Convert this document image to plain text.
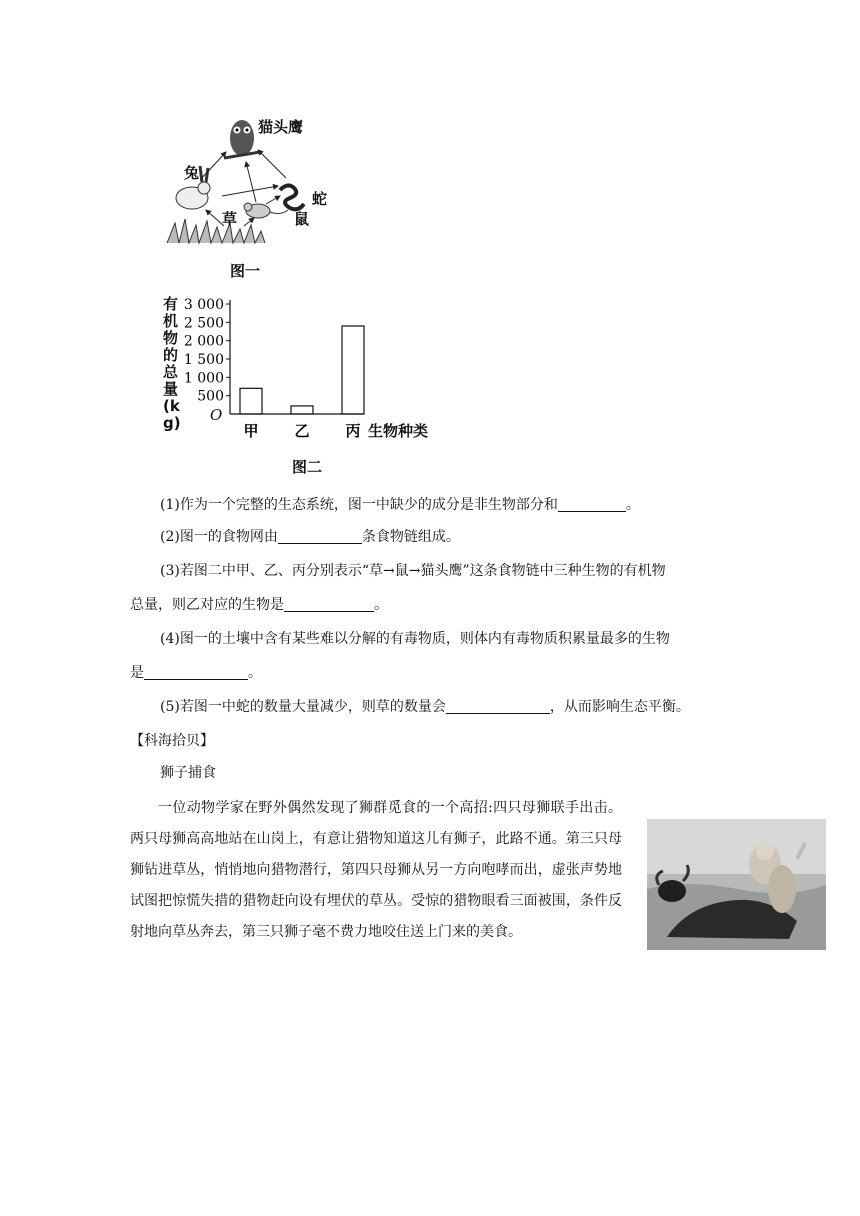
猫头鹰
兔
蛇
鼠
草
图一
有机物的总量(kg)
3 000
2 500
2 000
1 500
1 000
500
甲 乙 丙
O
生物种类
图二
(1)作为一个完整的生态系统，图一中缺少的成分是非生物部分和	。
(2)图一的食物网由	条食物链组成。
(3)若图二中甲、乙、丙分别表示“草→鼠→猫头鹰”这条食物链中三种生物的有机物
总量，则乙对应的生物是	。
(4)图一的土壤中含有某些难以分解的有毒物质，则体内有毒物质积累量最多的生物
是	。
(5)若图一中蛇的数量大量减少，则草的数量会	，从而影响生态平衡。
【科海拾贝】
狮子捕食
一位动物学家在野外偶然发现了狮群觅食的一个高招:四只母狮联手出击。两只母狮高高地站在山岗上，有意让猎物知道这儿有狮子，此路不通。第三只母狮钻进草丛，悄悄地向猎物潜行，第四只母狮从另一方向咆哮而出，虚张声势地试图把惊慌失措的猎物赶向设有埋伏的草丛。受惊的猎物眼看三面被围，条件反射地向草丛奔去，第三只狮子毫不费力地咬住送上门来的美食。
